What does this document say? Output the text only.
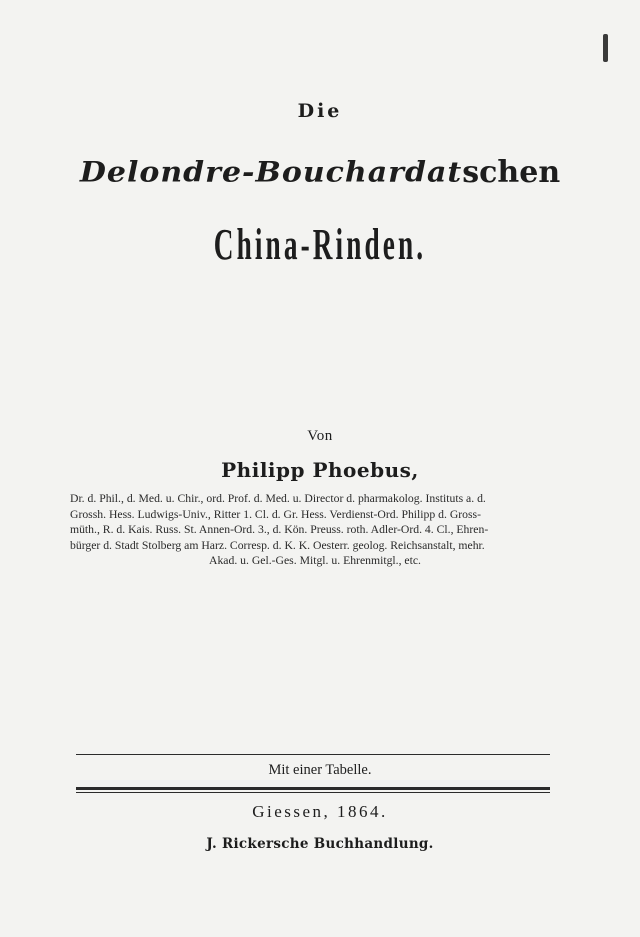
Die
Delondre-Bouchardatschen
China-Rinden.
Von
Philipp Phoebus,
Dr. d. Phil., d. Med. u. Chir., ord. Prof. d. Med. u. Director d. pharmakolog. Instituts a. d.
Grossh. Hess. Ludwigs-Univ., Ritter 1. Cl. d. Gr. Hess. Verdienst-Ord. Philipp d. Gross-
müth., R. d. Kais. Russ. St. Annen-Ord. 3., d. Kön. Preuss. roth. Adler-Ord. 4. Cl., Ehren-
bürger d. Stadt Stolberg am Harz. Corresp. d. K. K. Oesterr. geolog. Reichsanstalt, mehr.
Akad. u. Gel.-Ges. Mitgl. u. Ehrenmitgl., etc.
Mit einer Tabelle.
Giessen, 1864.
J. Rickersche Buchhandlung.
